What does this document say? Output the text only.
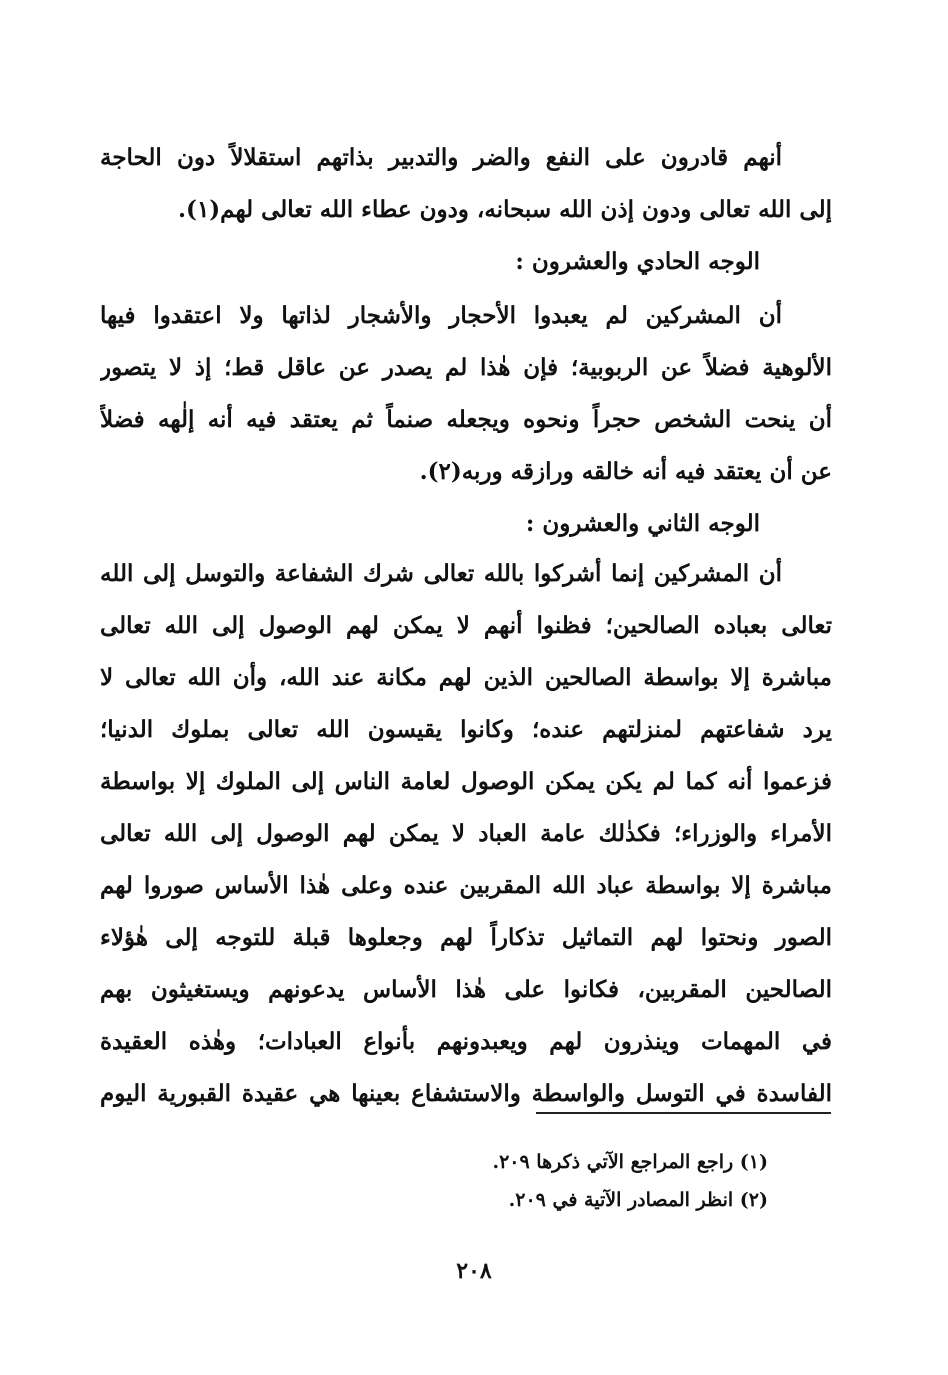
أنهم قادرون على النفع والضر والتدبير بذاتهم استقلالاً دون الحاجة
إلى الله تعالى ودون إذن الله سبحانه، ودون عطاء الله تعالى لهم(١).
الوجه الحادي والعشرون :
أن المشركين لم يعبدوا الأحجار والأشجار لذاتها ولا اعتقدوا فيها
الألوهية فضلاً عن الربوبية؛ فإن هٰذا لم يصدر عن عاقل قط؛ إذ لا يتصور
أن ينحت الشخص حجراً ونحوه ويجعله صنماً ثم يعتقد فيه أنه إلٰهه فضلاً
عن أن يعتقد فيه أنه خالقه ورازقه وربه(٢).
الوجه الثاني والعشرون :
أن المشركين إنما أشركوا بالله تعالى شرك الشفاعة والتوسل إلى الله
تعالى بعباده الصالحين؛ فظنوا أنهم لا يمكن لهم الوصول إلى الله تعالى
مباشرة إلا بواسطة الصالحين الذين لهم مكانة عند الله، وأن الله تعالى لا
يرد شفاعتهم لمنزلتهم عنده؛ وكانوا يقيسون الله تعالى بملوك الدنيا؛
فزعموا أنه كما لم يكن يمكن الوصول لعامة الناس إلى الملوك إلا بواسطة
الأمراء والوزراء؛ فكذٰلك عامة العباد لا يمكن لهم الوصول إلى الله تعالى
مباشرة إلا بواسطة عباد الله المقربين عنده وعلى هٰذا الأساس صوروا لهم
الصور ونحتوا لهم التماثيل تذكاراً لهم وجعلوها قبلة للتوجه إلى هٰؤلاء
الصالحين المقربين، فكانوا على هٰذا الأساس يدعونهم ويستغيثون بهم
في المهمات وينذرون لهم ويعبدونهم بأنواع العبادات؛ وهٰذه العقيدة
الفاسدة في التوسل والواسطة والاستشفاع بعينها هي عقيدة القبورية اليوم
(١) راجع المراجع الآتي ذكرها ٢٠٩.
(٢) انظر المصادر الآتية في ٢٠٩.
٢٠٨
